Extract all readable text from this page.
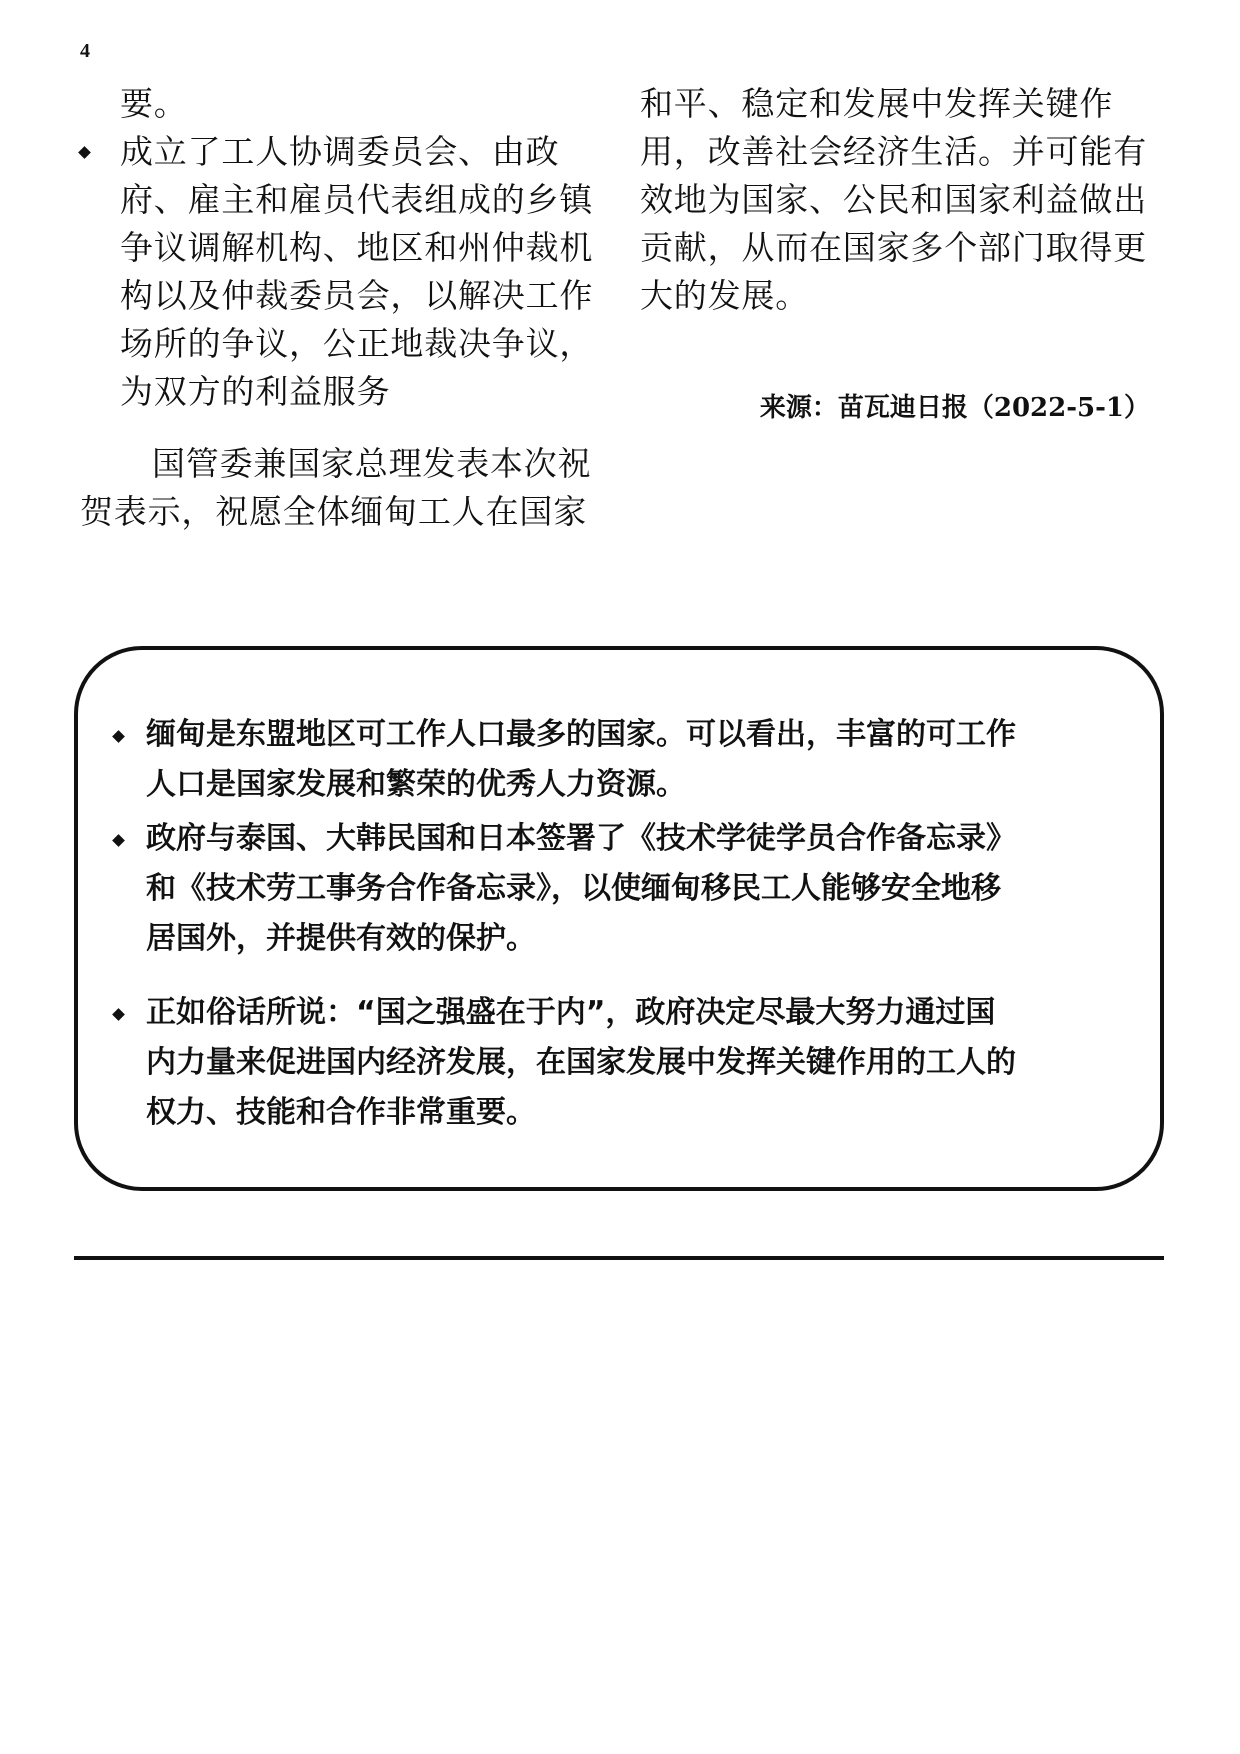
4
要。
成立了工人协调委员会、由政
府、雇主和雇员代表组成的乡镇
争议调解机构、地区和州仲裁机
构以及仲裁委员会，以解决工作
场所的争议，公正地裁决争议，
为双方的利益服务
国管委兼国家总理发表本次祝
贺表示，祝愿全体缅甸工人在国家
和平、稳定和发展中发挥关键作
用，改善社会经济生活。并可能有
效地为国家、公民和国家利益做出
贡献，从而在国家多个部门取得更
大的发展。
来源：苗瓦迪日报（2022-5-1）
缅甸是东盟地区可工作人口最多的国家。可以看出，丰富的可工作
人口是国家发展和繁荣的优秀人力资源。
政府与泰国、大韩民国和日本签署了《技术学徒学员合作备忘录》
和《技术劳工事务合作备忘录》，以使缅甸移民工人能够安全地移
居国外，并提供有效的保护。
正如俗话所说：“国之强盛在于内”，政府决定尽最大努力通过国
内力量来促进国内经济发展，在国家发展中发挥关键作用的工人的
权力、技能和合作非常重要。
